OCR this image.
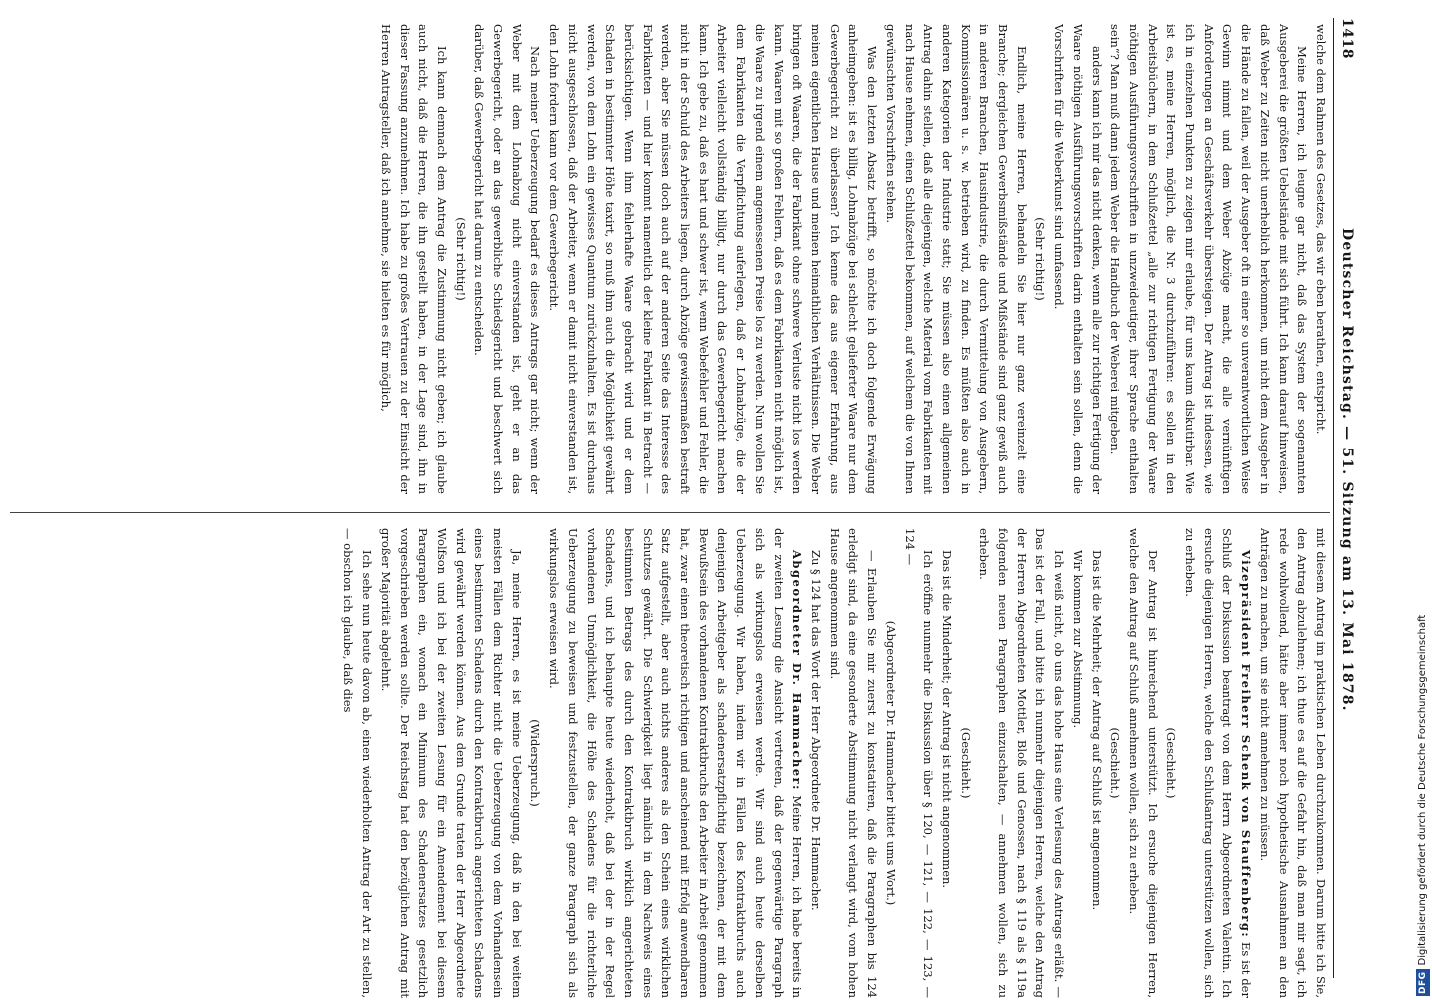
1418
Deutscher Reichstag. — 51. Sitzung am 13. Mai 1878.

welche dem Rahmen des Gesetzes, das wir eben berathen, entspricht.

Meine Herren, ich leugne gar nicht, daß das System der sogenannten Ausgeberei die größten Uebelstände mit sich führt. Ich kann darauf hinweisen, daß Weber zu Zeiten nicht unerheblich herkommen, um nicht dem Ausgeber in die Hände zu fallen, weil der Ausgeber oft in einer so unverantwortlichen Weise Gewinn nimmt und dem Weber Abzüge macht, die alle vernünftigen Anforderungen an Geschäftsverkehr übersteigen. Der Antrag ist indessen, wie ich in einzelnen Punkten zu zeigen mir erlaube, für uns kaum diskutirbar. Wie ist es, meine Herren, möglich, die Nr. 3 durchzuführen: es sollen in den Arbeitsbüchern, in dem Schlußzettel „alle zur richtigen Fertigung der Waare nöthigen Ausführungsvorschriften in unzweideutiger, ihrer Sprache enthalten sein“? Man muß dann jedem Weber die Handbuch der Weberei mitgeben.

anders kann ich mir das nicht denken, wenn alle zur richtigen Fertigung der Waare nöthigen Ausführungsvorschriften darin enthalten sein sollen, denn die Vorschriften für die Weberkunst sind umfassend.

(Sehr richtig!)

Endlich, meine Herren, behandeln Sie hier nur ganz vereinzelt eine Branche; dergleichen Gewerbsmißstände und Mißstände sind ganz gewiß auch in anderen Branchen, Hausindustrie, die durch Vermittelung von Ausgebern, Kommissionären u. s. w. betrieben wird, zu finden. Es müßten also auch in anderen Kategorien der Industrie statt; Sie müssen also einen allgemeinen Antrag dahin stellen, daß alle diejenigen, welche Material vom Fabrikanten mit nach Hause nehmen, einen Schlußzettel bekommen, auf welchem die von Ihnen gewünschten Vorschriften stehen.

Was den letzten Absatz betrifft, so möchte ich doch folgende Erwägung anheimgeben: ist es billig, Lohnabzüge bei schlecht gelieferter Waare nur dem Gewerbegericht zu überlassen? Ich kenne das aus eigener Erfahrung, aus meinen eigentlichen Hause und meinen heimathlichen Verhältnissen. Die Weber bringen oft Waaren, die der Fabrikant ohne schwere Verluste nicht los werden kann. Waaren mit so großen Fehlern, daß es dem Fabrikanten nicht möglich ist, die Waare zu irgend einem angemessenen Preise los zu werden. Nun wollen Sie dem Fabrikanten die Verpflichtung auferlegen, daß er Lohnabzüge, die der Arbeiter vielleicht vollständig billigt, nur durch das Gewerbegericht machen kann. Ich gebe zu, daß es hart und schwer ist, wenn Webefehler und Fehler, die nicht in der Schuld des Arbeiters liegen, durch Abzüge gewissermaßen bestraft werden, aber Sie müssen doch auch auf der anderen Seite das Interesse des Fabrikanten — und hier kommt namentlich der kleine Fabrikant in Betracht — berücksichtigen. Wenn ihm fehlerhafte Waare gebracht wird und er dem Schaden in bestimmter Höhe taxirt, so muß ihm auch die Möglichkeit gewährt werden, von dem Lohn ein gewisses Quantum zurückzuhalten. Es ist durchaus nicht ausgeschlossen, daß der Arbeiter, wenn er damit nicht einverstanden ist, den Lohn fordern kann vor dem Gewerbegericht.

Nach meiner Ueberzeugung bedarf es dieses Antrags gar nicht; wenn der Weber mit dem Lohnabzug nicht einverstanden ist, geht er an das Gewerbegericht, oder an das gewerbliche Schiedsgericht und beschwert sich darüber, daß Gewerbegericht hat darum zu entscheiden.

(Sehr richtig!)

Ich kann demnach dem Antrag die Zustimmung nicht geben; ich glaube auch nicht, daß die Herren, die ihn gestellt haben, in der Lage sind, ihn in dieser Fassung anzunehmen. Ich habe zu großes Vertrauen zu der Einsicht der Herren Antragsteller, daß ich annehme, sie hielten es für möglich,

mit diesem Antrag im praktischen Leben durchzukommen. Darum bitte ich Sie, den Antrag abzulehnen; ich thue es auf die Gefahr hin, daß man mir sagt, ich rede wohlwollend, hätte aber immer noch hypothetische Ausnahmen an den Anträgen zu machen, um sie nicht annehmen zu müssen.

Vizepräsident Freiherr Schenk von Stauffenberg: Es ist der Schluß der Diskussion beantragt von dem Herrn Abgeordneten Valentin. Ich ersuche diejenigen Herren, welche den Schlußantrag unterstützen wollen, sich zu erheben.

(Geschieht.)

Der Antrag ist hinreichend unterstützt. Ich ersuche diejenigen Herren, welche den Antrag auf Schluß annehmen wollen, sich zu erheben.

(Geschieht.)

Das ist die Mehrheit; der Antrag auf Schluß ist angenommen.

Wir kommen zur Abstimmung.

Ich weiß nicht, ob uns das hohe Haus eine Verlesung des Antrags erläßt. — Das ist der Fall, und bitte ich nunmehr diejenigen Herren, welche den Antrag der Herren Abgeordneten Mottler, Bloß und Genossen, nach § 119 als § 119a folgenden neuen Paragraphen einzuschalten, — annehmen wollen, sich zu erheben.

(Geschieht.)

Das ist die Minderheit; der Antrag ist nicht angenommen.

Ich eröffne nunmehr die Diskussion über § 120, — 121, — 122, — 123, — 124 —

(Abgeordneter Dr. Hammacher bittet ums Wort.)

— Erlauben Sie mir zuerst zu konstatiren, daß die Paragraphen bis 124 erledigt sind, da eine gesonderte Abstimmung nicht verlangt wird, vom hohen Hause angenommen sind.

Zu § 124 hat das Wort der Herr Abgeordnete Dr. Hammacher.

Abgeordneter Dr. Hammacher: Meine Herren, ich habe bereits in der zweiten Lesung die Ansicht vertreten, daß der gegenwärtige Paragraph sich als wirkungslos erweisen werde. Wir sind auch heute derselben Ueberzeugung. Wir haben, indem wir in Fällen des Kontraktbruchs auch denjenigen Arbeitgeber als schadenersatzpflichtig bezeichnen, der mit dem Bewußtsein des vorhandenen Kontraktbruchs den Arbeiter in Arbeit genommen hat, zwar einen theoretisch richtigen und anscheinend mit Erfolg anwendbaren Satz aufgestellt, aber auch nichts anderes als den Schein eines wirklichen Schutzes gewährt. Die Schwierigkeit liegt nämlich in dem Nachweis eines bestimmten Betrags des durch den Kontraktbruch wirklich angerichteten Schadens, und ich behaupte heute wiederholt, daß bei der in der Regel vorhandenen Unmöglichkeit, die Höhe des Schadens für die richterliche Ueberzeugung zu beweisen und festzustellen, der ganze Paragraph sich als wirkungslos erweisen wird.

(Widerspruch.)

Ja, meine Herren, es ist meine Ueberzeugung, daß in den bei weitem meisten Fällen dem Richter nicht die Ueberzeugung von dem Vorhandensein eines bestimmten Schadens durch den Kontraktbruch angerichteten Schadens wird gewährt werden können. Aus dem Grunde traten der Herr Abgeordnete Wolfson und ich bei der zweiten Lesung für ein Amendement bei diesem Paragraphen ein, wonach ein Minimum des Schadenersatzes gesetzlich vorgeschrieben werden sollte. Der Reichstag hat den bezüglichen Antrag mit großer Majorität abgelehnt.

Ich sehe nun heute davon ab, einen wiederholten Antrag der Art zu stellen, — obschon ich glaube, daß dies

DFGDigitalisierung gefördert durch die Deutsche Forschungsgemeinschaft
